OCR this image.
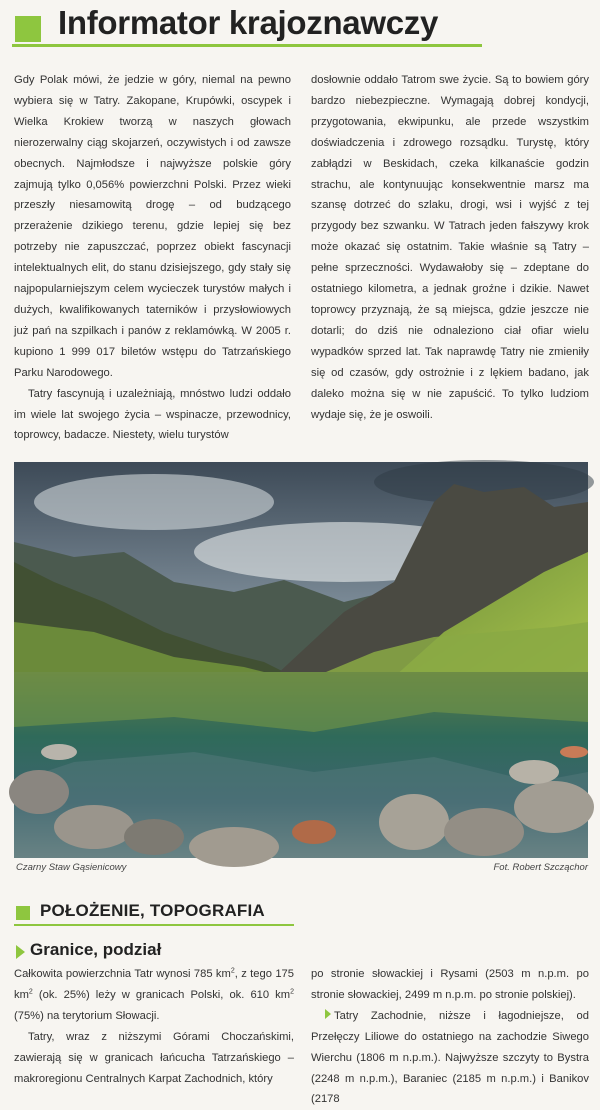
Informator krajoznawczy

Gdy Polak mówi, że jedzie w góry, niemal na pewno wybiera się w Tatry. Zakopane, Krupówki, oscypek i Wielka Krokiew tworzą w naszych głowach nierozerwalny ciąg skojarzeń, oczywistych i od zawsze obecnych. Najmłodsze i najwyższe polskie góry zajmują tylko 0,056% powierzchni Polski. Przez wieki przeszły niesamowitą drogę – od budzącego przerażenie dzikiego terenu, gdzie lepiej się bez potrzeby nie zapuszczać, poprzez obiekt fascynacji intelektualnych elit, do stanu dzisiejszego, gdy stały się najpopularniejszym celem wycieczek turystów małych i dużych, kwalifikowanych taterników i przysłowiowych już pań na szpilkach i panów z reklamówką. W 2005 r. kupiono 1 999 017 biletów wstępu do Tatrzańskiego Parku Narodowego.

Tatry fascynują i uzależniają, mnóstwo ludzi oddało im wiele lat swojego życia – wspinacze, przewodnicy, toprowcy, badacze. Niestety, wielu turystów

dosłownie oddało Tatrom swe życie. Są to bowiem góry bardzo niebezpieczne. Wymagają dobrej kondycji, przygotowania, ekwipunku, ale przede wszystkim doświadczenia i zdrowego rozsądku. Turystę, który zabłądzi w Beskidach, czeka kilkanaście godzin strachu, ale kontynuując konsekwentnie marsz ma szansę dotrzeć do szlaku, drogi, wsi i wyjść z tej przygody bez szwanku. W Tatrach jeden fałszywy krok może okazać się ostatnim. Takie właśnie są Tatry – pełne sprzeczności. Wydawałoby się – zdeptane do ostatniego kilometra, a jednak groźne i dzikie. Nawet toprowcy przyznają, że są miejsca, gdzie jeszcze nie dotarli; do dziś nie odnaleziono ciał ofiar wielu wypadków sprzed lat. Tak naprawdę Tatry nie zmieniły się od czasów, gdy ostrożnie i z lękiem badano, jak daleko można się w nie zapuścić. To tylko ludziom wydaje się, że je oswoili.

Czarny Staw Gąsienicowy	Fot. Robert Szcząchor
POŁOŻENIE, TOPOGRAFIA
Granice, podział

Całkowita powierzchnia Tatr wynosi 785 $km^2$, z tego 175 $km^2$ (ok. 25%) leży w granicach Polski, ok. 610 $km^2$ (75%) na terytorium Słowacji.

Tatry, wraz z niższymi Górami Choczańskimi, zawierają się w granicach łańcucha Tatrzańskiego – makroregionu Centralnych Karpat Zachodnich, który

po stronie słowackiej i Rysami (2503 m n.p.m. po stronie słowackiej, 2499 m n.p.m. po stronie polskiej).

Tatry Zachodnie, niższe i łagodniejsze, od Przełęczy Liliowe do ostatniego na zachodzie Siwego Wierchu (1806 m n.p.m.). Najwyższe szczyty to Bystra (2248 m n.p.m.), Baraniec (2185 m n.p.m.) i Banikov (2178
